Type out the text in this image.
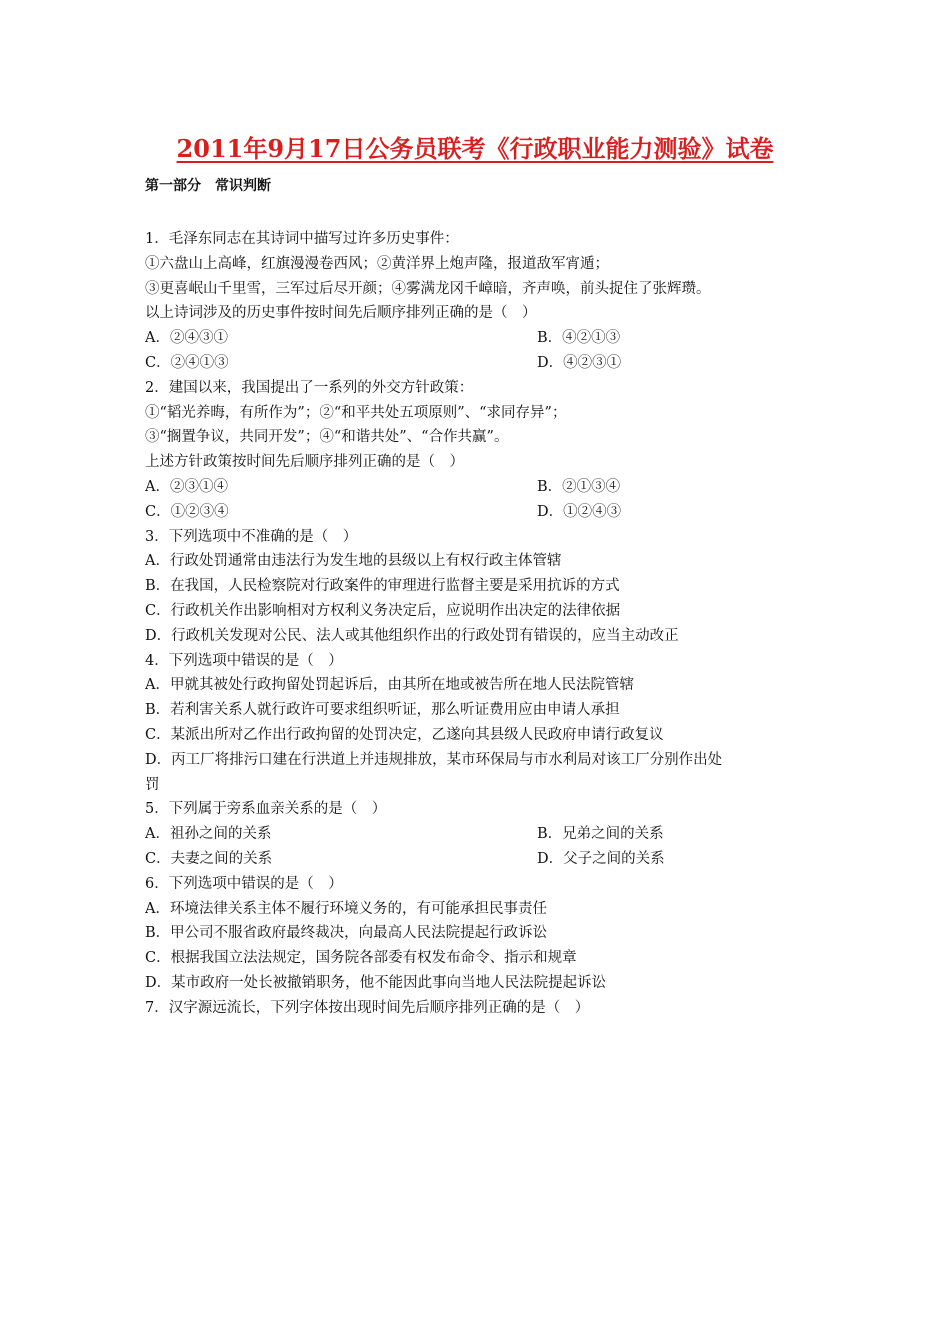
2011年9月17日公务员联考《行政职业能力测验》试卷
第一部分　常识判断
1．毛泽东同志在其诗词中描写过许多历史事件：
①六盘山上高峰，红旗漫漫卷西风；②黄洋界上炮声隆，报道敌军宵遁；
③更喜岷山千里雪，三军过后尽开颜；④雾满龙冈千嶂暗，齐声唤，前头捉住了张辉瓒。
以上诗词涉及的历史事件按时间先后顺序排列正确的是（　）
A．②④③①	B．④②①③
C．②④①③	D．④②③①
2．建国以来，我国提出了一系列的外交方针政策：
①“韬光养晦，有所作为”；②“和平共处五项原则”、“求同存异”；
③“搁置争议，共同开发”；④“和谐共处”、“合作共赢”。
上述方针政策按时间先后顺序排列正确的是（　）
A．②③①④	B．②①③④
C．①②③④	D．①②④③
3．下列选项中不准确的是（　）
A．行政处罚通常由违法行为发生地的县级以上有权行政主体管辖
B．在我国，人民检察院对行政案件的审理进行监督主要是采用抗诉的方式
C．行政机关作出影响相对方权利义务决定后，应说明作出决定的法律依据
D．行政机关发现对公民、法人或其他组织作出的行政处罚有错误的，应当主动改正
4．下列选项中错误的是（　）
A．甲就其被处行政拘留处罚起诉后，由其所在地或被告所在地人民法院管辖
B．若利害关系人就行政许可要求组织听证，那么听证费用应由申请人承担
C．某派出所对乙作出行政拘留的处罚决定，乙遂向其县级人民政府申请行政复议
D．丙工厂将排污口建在行洪道上并违规排放，某市环保局与市水利局对该工厂分别作出处
罚
5．下列属于旁系血亲关系的是（　）
A．祖孙之间的关系	B．兄弟之间的关系
C．夫妻之间的关系	D．父子之间的关系
6．下列选项中错误的是（　）
A．环境法律关系主体不履行环境义务的，有可能承担民事责任
B．甲公司不服省政府最终裁决，向最高人民法院提起行政诉讼
C．根据我国立法法规定，国务院各部委有权发布命令、指示和规章
D．某市政府一处长被撤销职务，他不能因此事向当地人民法院提起诉讼
7．汉字源远流长，下列字体按出现时间先后顺序排列正确的是（　）
